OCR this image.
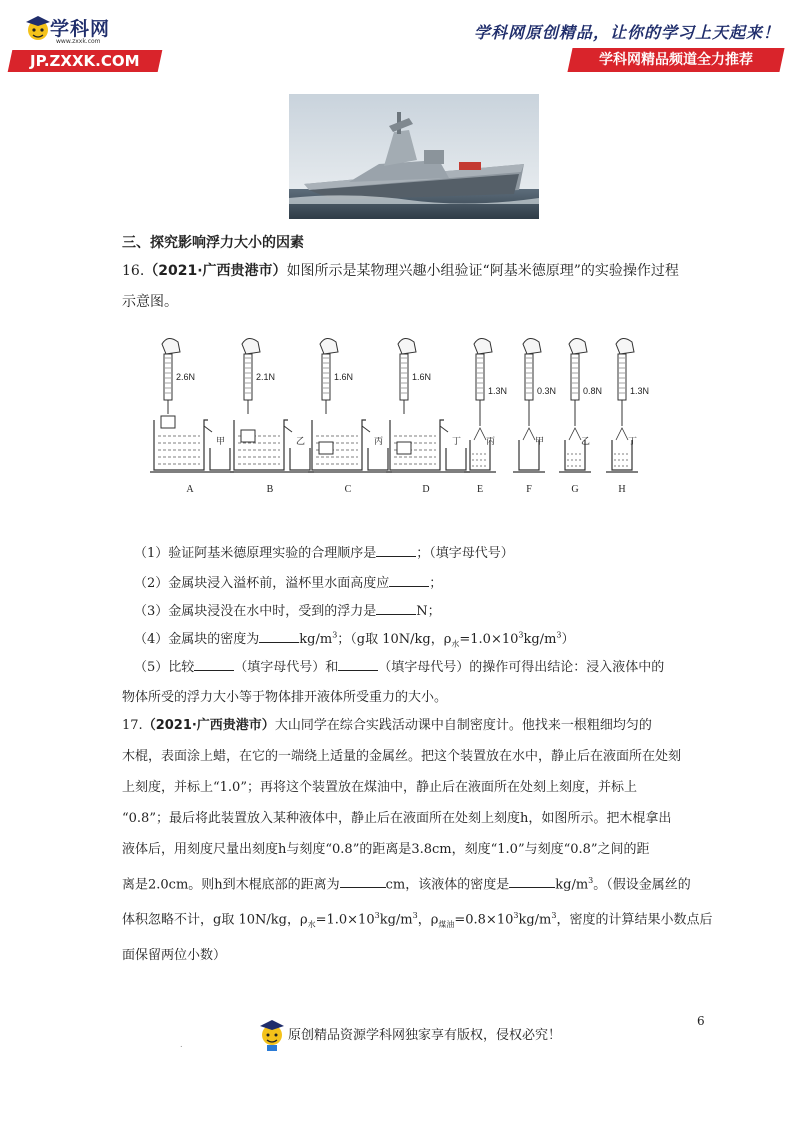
学科网
www.zxxk.com
JP.ZXXK.COM
学科网原创精品，让你的学习上天起来！
学科网精品频道全力推荐
三、探究影响浮力大小的因素
16.（2021·广西贵港市）如图所示是某物理兴趣小组验证“阿基米德原理”的实验操作过程
示意图。
2.6N
甲
A
2.1N
乙
B
1.6N
丙
C
1.6N
丁
D
1.3N
丙
E
0.3N
甲
F
0.8N
乙
G
1.3N
丁
H
（1）验证阿基米德原理实验的合理顺序是	；（填字母代号）
（2）金属块浸入溢杯前，溢杯里水面高度应	；
（3）金属块浸没在水中时，受到的浮力是	N；
（4）金属块的密度为	$kg/m^3$；（g取 10N/kg，$\rho_水=1.0\times 10^3kg/m^3$）
（5）比较	（填字母代号）和	（填字母代号）的操作可得出结论：浸入液体中的
物体所受的浮力大小等于物体排开液体所受重力的大小。
17.（2021·广西贵港市）大山同学在综合实践活动课中自制密度计。他找来一根粗细均匀的
木棍，表面涂上蜡，在它的一端绕上适量的金属丝。把这个装置放在水中，静止后在液面所在处刻
上刻度，并标上“1.0”；再将这个装置放在煤油中，静止后在液面所在处刻上刻度，并标上
“0.8”；最后将此装置放入某种液体中，静止后在液面所在处刻上刻度h，如图所示。把木棍拿出
液体后，用刻度尺量出刻度h与刻度“0.8”的距离是3.8cm，刻度“1.0”与刻度“0.8”之间的距
离是2.0cm。则h到木棍底部的距离为	cm，该液体的密度是	$kg/m^3$。（假设金属丝的
体积忽略不计，g取 10N/kg，$\rho_水=1.0\times 10^3kg/m^3$，$\rho_{煤油}=0.8\times 10^3kg/m^3$，密度的计算结果小数点后
面保留两位小数）
6
.
原创精品资源学科网独家享有版权，侵权必究！
